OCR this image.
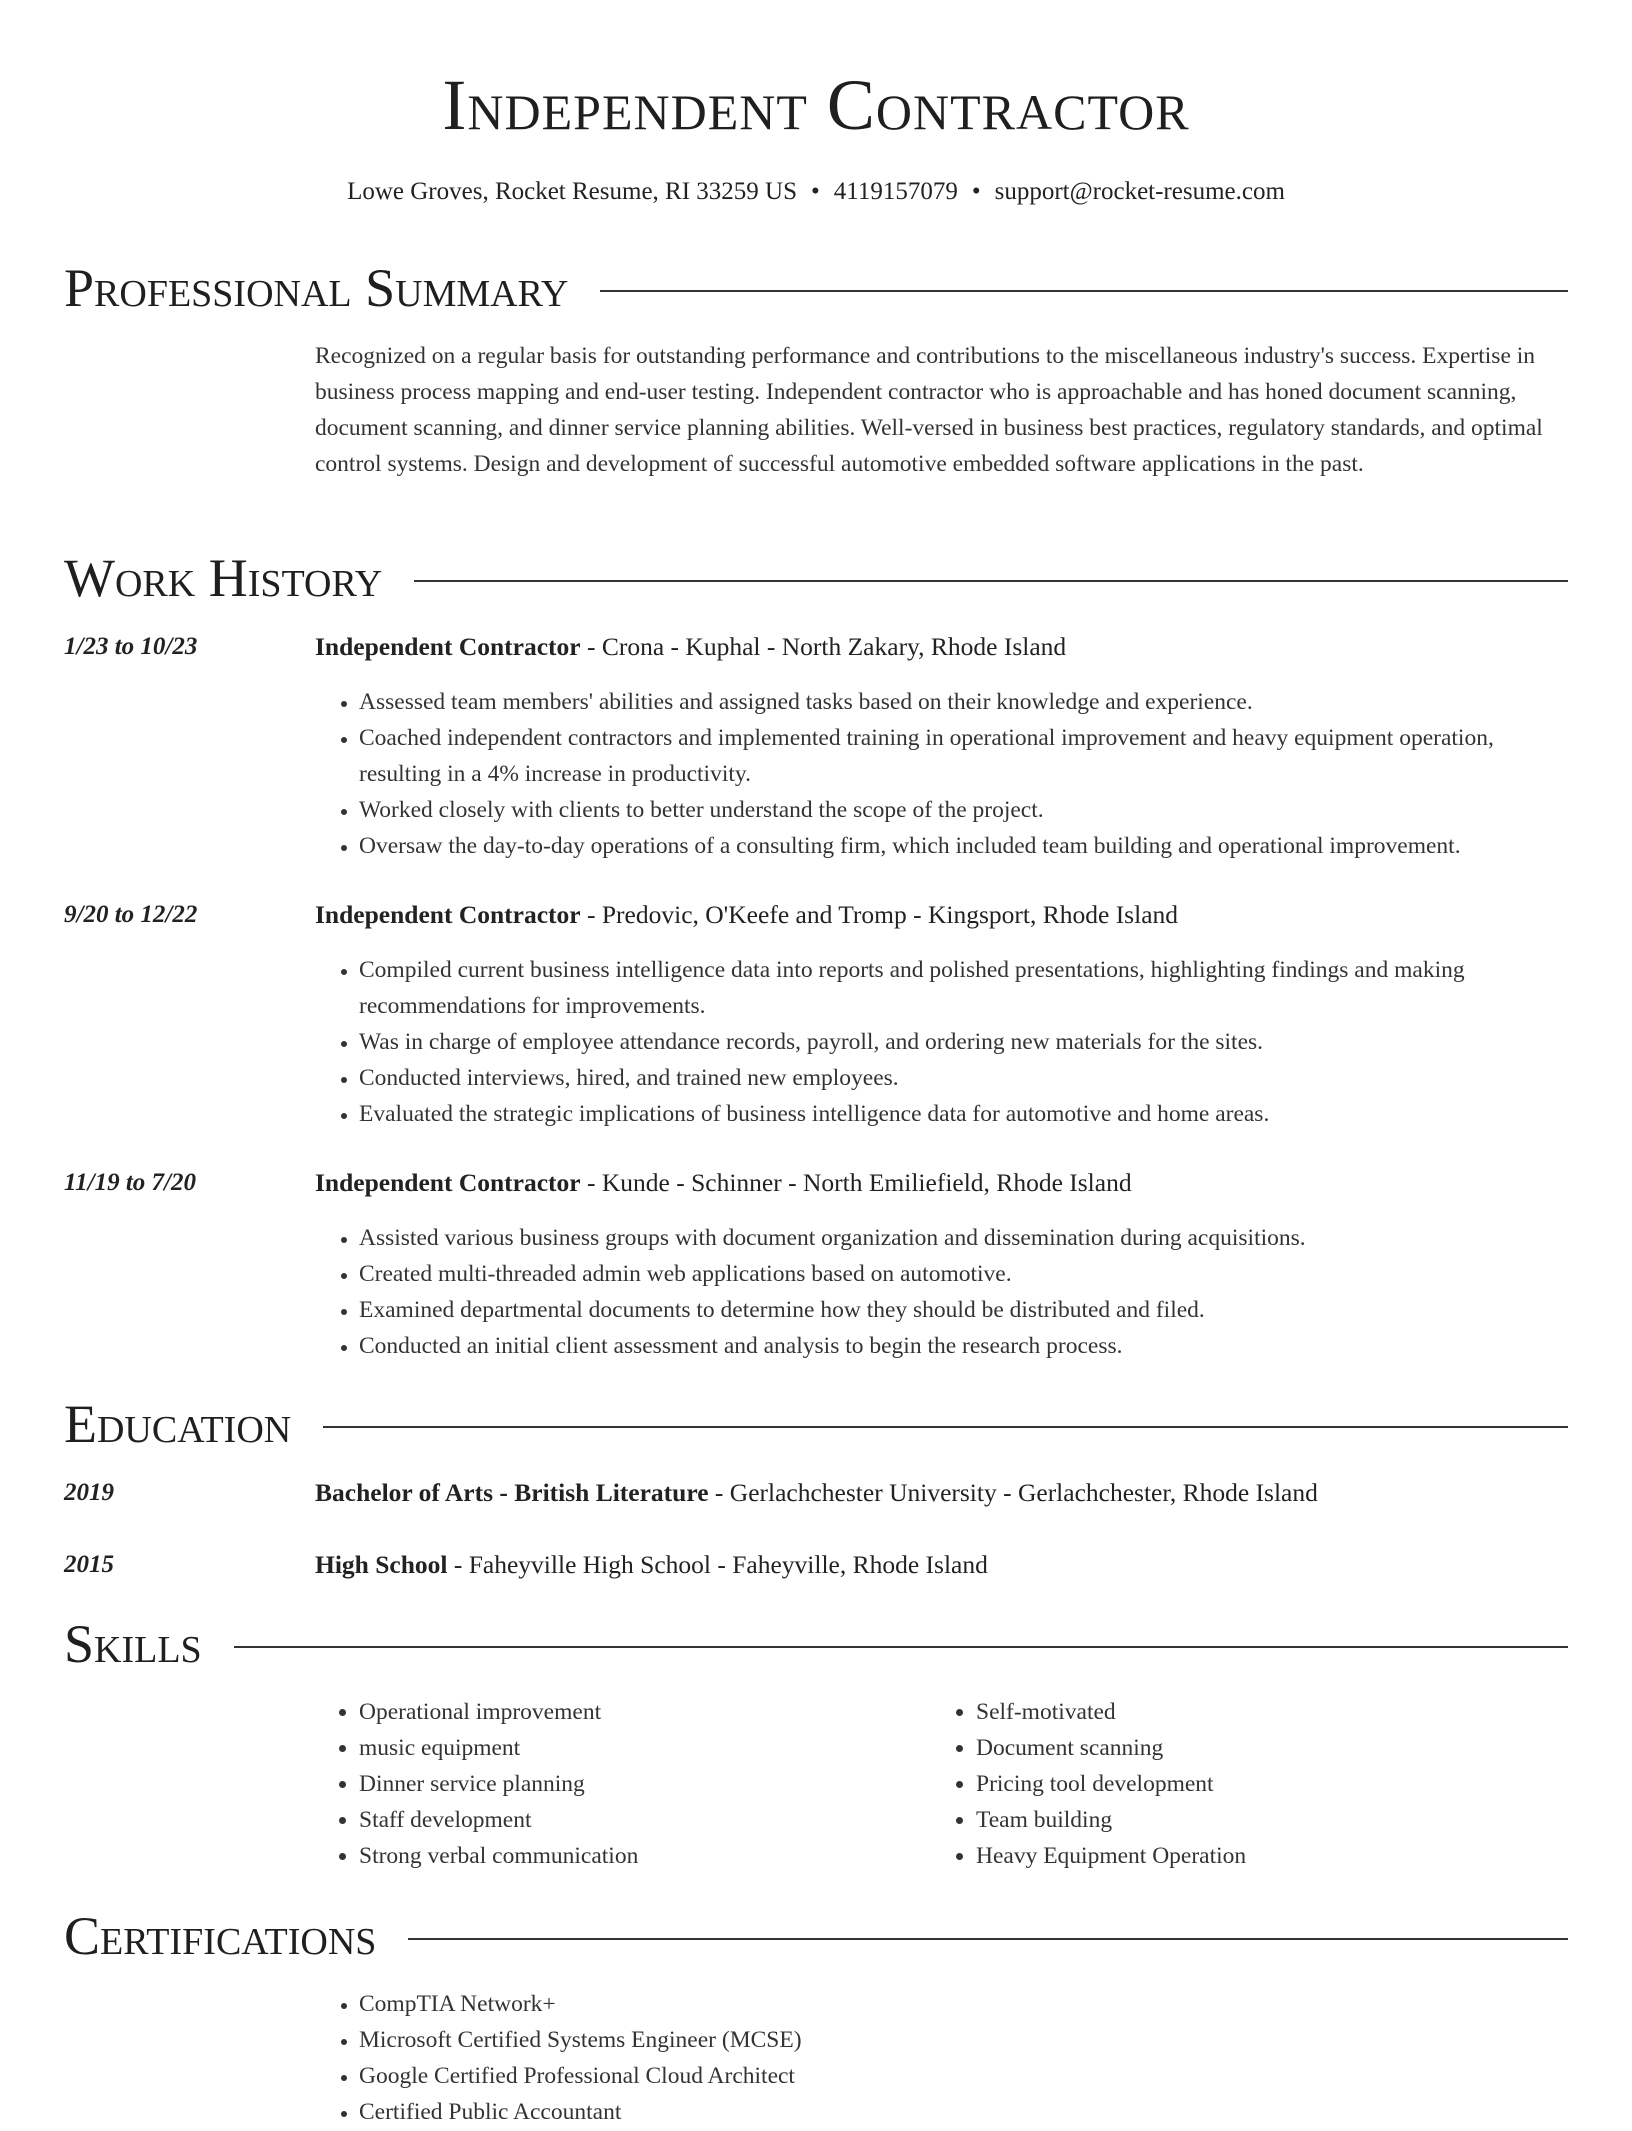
Independent Contractor
Lowe Groves, Rocket Resume, RI 33259 US • 4119157079 • support@rocket-resume.com
Professional Summary
Recognized on a regular basis for outstanding performance and contributions to the miscellaneous industry's success. Expertise in business process mapping and end-user testing. Independent contractor who is approachable and has honed document scanning, document scanning, and dinner service planning abilities. Well-versed in business best practices, regulatory standards, and optimal control systems. Design and development of successful automotive embedded software applications in the past.
Work History
1/23 to 10/23	Independent Contractor - Crona - Kuphal - North Zakary, Rhode Island
• Assessed team members' abilities and assigned tasks based on their knowledge and experience.
• Coached independent contractors and implemented training in operational improvement and heavy equipment operation, resulting in a 4% increase in productivity.
• Worked closely with clients to better understand the scope of the project.
• Oversaw the day-to-day operations of a consulting firm, which included team building and operational improvement.
9/20 to 12/22	Independent Contractor - Predovic, O'Keefe and Tromp - Kingsport, Rhode Island
• Compiled current business intelligence data into reports and polished presentations, highlighting findings and making recommendations for improvements.
• Was in charge of employee attendance records, payroll, and ordering new materials for the sites.
• Conducted interviews, hired, and trained new employees.
• Evaluated the strategic implications of business intelligence data for automotive and home areas.
11/19 to 7/20	Independent Contractor - Kunde - Schinner - North Emiliefield, Rhode Island
• Assisted various business groups with document organization and dissemination during acquisitions.
• Created multi-threaded admin web applications based on automotive.
• Examined departmental documents to determine how they should be distributed and filed.
• Conducted an initial client assessment and analysis to begin the research process.
Education
2019	Bachelor of Arts - British Literature - Gerlachchester University - Gerlachchester, Rhode Island
2015	High School - Faheyville High School - Faheyville, Rhode Island
Skills
• Operational improvement
• music equipment
• Dinner service planning
• Staff development
• Strong verbal communication
• Self-motivated
• Document scanning
• Pricing tool development
• Team building
• Heavy Equipment Operation
Certifications
• CompTIA Network+
• Microsoft Certified Systems Engineer (MCSE)
• Google Certified Professional Cloud Architect
• Certified Public Accountant
